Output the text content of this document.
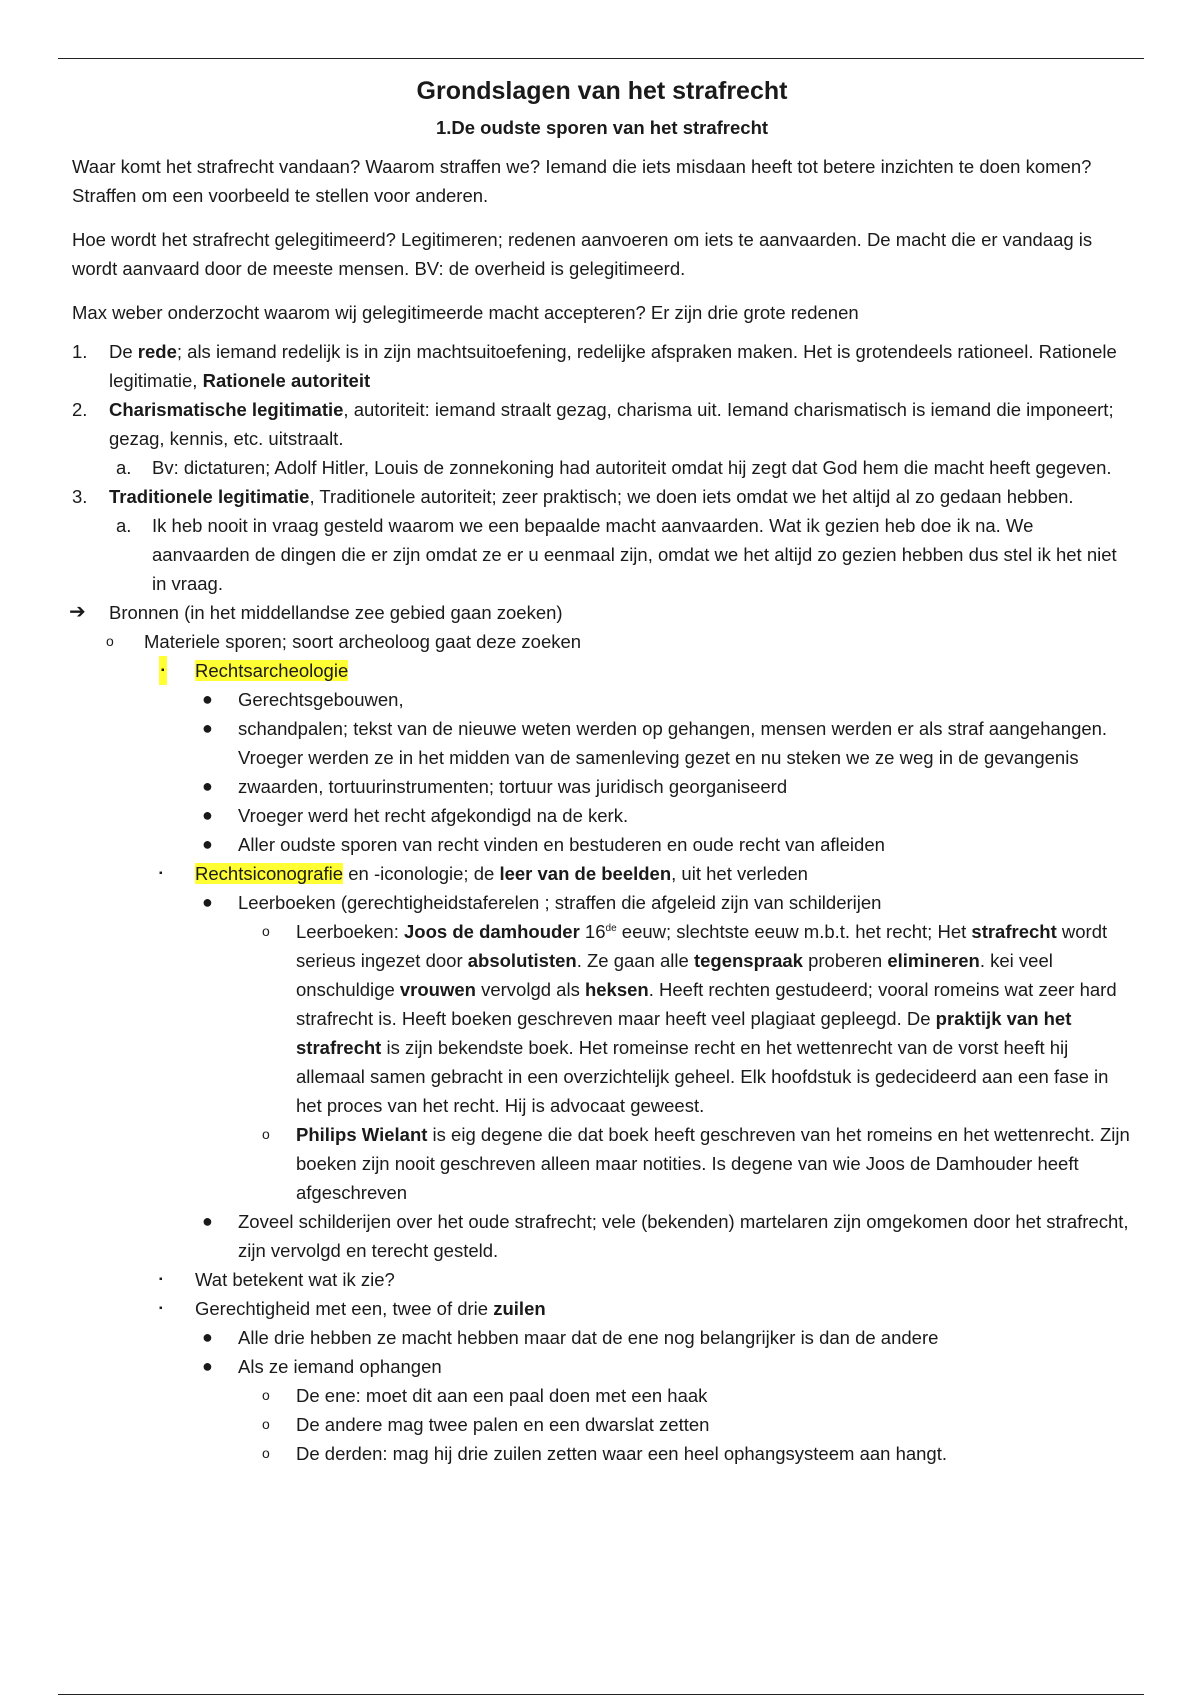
Grondslagen van het strafrecht
1.De oudste sporen van het strafrecht

Waar komt het strafrecht vandaan? Waarom straffen we? Iemand die iets misdaan heeft tot betere inzichten te doen komen? Straffen om een voorbeeld te stellen voor anderen.

Hoe wordt het strafrecht gelegitimeerd? Legitimeren; redenen aanvoeren om iets te aanvaarden. De macht die er vandaag is wordt aanvaard door de meeste mensen. BV: de overheid is gelegitimeerd.

Max weber onderzocht waarom wij gelegitimeerde macht accepteren? Er zijn drie grote redenen

1. De rede; als iemand redelijk is in zijn machtsuitoefening, redelijke afspraken maken. Het is grotendeels rationeel. Rationele legitimatie, Rationele autoriteit
2. Charismatische legitimatie, autoriteit: iemand straalt gezag, charisma uit. Iemand charismatisch is iemand die imponeert; gezag, kennis, etc. uitstraalt.
a. Bv: dictaturen; Adolf Hitler, Louis de zonnekoning had autoriteit omdat hij zegt dat God hem die macht heeft gegeven.
3. Traditionele legitimatie, Traditionele autoriteit; zeer praktisch; we doen iets omdat we het altijd al zo gedaan hebben.
a. Ik heb nooit in vraag gesteld waarom we een bepaalde macht aanvaarden. Wat ik gezien heb doe ik na. We aanvaarden de dingen die er zijn omdat ze er u eenmaal zijn, omdat we het altijd zo gezien hebben dus stel ik het niet in vraag.
➔ Bronnen (in het middellandse zee gebied gaan zoeken)
o Materiele sporen; soort archeoloog gaat deze zoeken
▪ Rechtsarcheologie
● Gerechtsgebouwen,
● schandpalen; tekst van de nieuwe weten werden op gehangen, mensen werden er als straf aangehangen. Vroeger werden ze in het midden van de samenleving gezet en nu steken we ze weg in de gevangenis
● zwaarden, tortuurinstrumenten; tortuur was juridisch georganiseerd
● Vroeger werd het recht afgekondigd na de kerk.
● Aller oudste sporen van recht vinden en bestuderen en oude recht van afleiden
▪ Rechtsiconografie en -iconologie; de leer van de beelden, uit het verleden
● Leerboeken (gerechtigheidstaferelen ; straffen die afgeleid zijn van schilderijen
o Leerboeken: Joos de damhouder 16de eeuw; slechtste eeuw m.b.t. het recht; Het strafrecht wordt serieus ingezet door absolutisten. Ze gaan alle tegenspraak proberen elimineren. kei veel onschuldige vrouwen vervolgd als heksen. Heeft rechten gestudeerd; vooral romeins wat zeer hard strafrecht is. Heeft boeken geschreven maar heeft veel plagiaat gepleegd. De praktijk van het strafrecht is zijn bekendste boek. Het romeinse recht en het wettenrecht van de vorst heeft hij allemaal samen gebracht in een overzichtelijk geheel. Elk hoofdstuk is gedecideerd aan een fase in het proces van het recht. Hij is advocaat geweest.
o Philips Wielant is eig degene die dat boek heeft geschreven van het romeins en het wettenrecht. Zijn boeken zijn nooit geschreven alleen maar notities. Is degene van wie Joos de Damhouder heeft afgeschreven
● Zoveel schilderijen over het oude strafrecht; vele (bekenden) martelaren zijn omgekomen door het strafrecht, zijn vervolgd en terecht gesteld.
▪ Wat betekent wat ik zie?
▪ Gerechtigheid met een, twee of drie zuilen
● Alle drie hebben ze macht hebben maar dat de ene nog belangrijker is dan de andere
● Als ze iemand ophangen
o De ene: moet dit aan een paal doen met een haak
o De andere mag twee palen en een dwarslat zetten
o De derden: mag hij drie zuilen zetten waar een heel ophangsysteem aan hangt.
